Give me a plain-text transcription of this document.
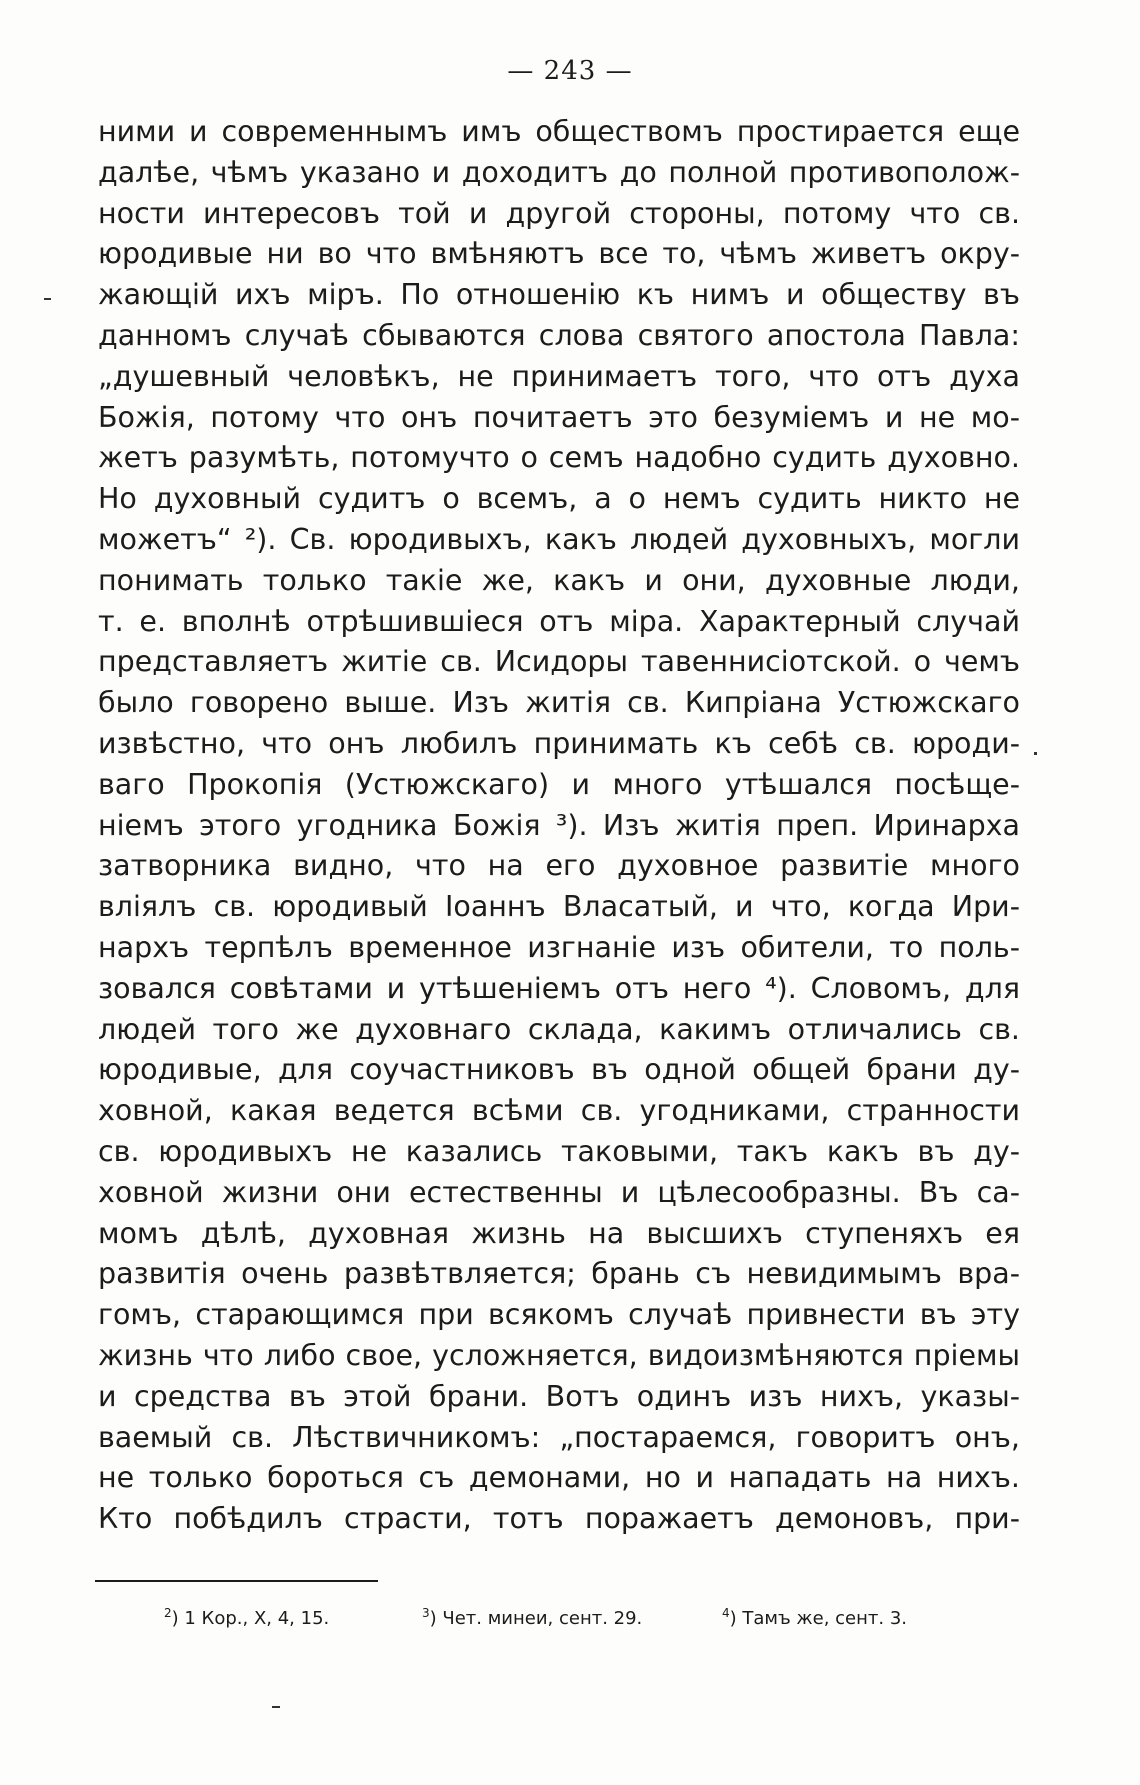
— 243 —
ними и современнымъ имъ обществомъ простирается еще
далѣе, чѣмъ указано и доходитъ до полной противополож-
ности интересовъ той и другой стороны, потому что св.
юродивые ни во что вмѣняютъ все то, чѣмъ живетъ окру-
жающій ихъ міръ. По отношенію къ нимъ и обществу въ
данномъ случаѣ сбываются слова святого апостола Павла:
„душевный человѣкъ, не принимаетъ того, что отъ духа
Божія, потому что онъ почитаетъ это безуміемъ и не мо-
жетъ разумѣть, потомучто о семъ надобно судить духовно.
Но духовный судитъ о всемъ, а о немъ судить никто не
можетъ“ ²). Св. юродивыхъ, какъ людей духовныхъ, могли
понимать только такіе же, какъ и они, духовные люди,
т. е. вполнѣ отрѣшившіеся отъ міра. Характерный случай
представляетъ житіе св. Исидоры тавеннисіотской. о чемъ
было говорено выше. Изъ житія св. Кипріана Устюжскаго
извѣстно, что онъ любилъ принимать къ себѣ св. юроди-
ваго Прокопія (Устюжскаго) и много утѣшался посѣще-
ніемъ этого угодника Божія ³). Изъ житія преп. Иринарха
затворника видно, что на его духовное развитіе много
вліялъ св. юродивый Іоаннъ Власатый, и что, когда Ири-
нархъ терпѣлъ временное изгнаніе изъ обители, то поль-
зовался совѣтами и утѣшеніемъ отъ него ⁴). Словомъ, для
людей того же духовнаго склада, какимъ отличались св.
юродивые, для соучастниковъ въ одной общей брани ду-
ховной, какая ведется всѣми св. угодниками, странности
св. юродивыхъ не казались таковыми, такъ какъ въ ду-
ховной жизни они естественны и цѣлесообразны. Въ са-
момъ дѣлѣ, духовная жизнь на высшихъ ступеняхъ ея
развитія очень развѣтвляется; брань съ невидимымъ вра-
гомъ, старающимся при всякомъ случаѣ привнести въ эту
жизнь что либо свое, усложняется, видоизмѣняются пріемы
и средства въ этой брани. Вотъ одинъ изъ нихъ, указы-
ваемый св. Лѣствичникомъ: „постараемся, говоритъ онъ,
не только бороться съ демонами, но и нападать на нихъ.
Кто побѣдилъ страсти, тотъ поражаетъ демоновъ, при-
$^2$) 1 Кор., X, 4, 15.	$^3$) Чет. минеи, сент. 29.	$^4$) Тамъ же, сент. 3.
